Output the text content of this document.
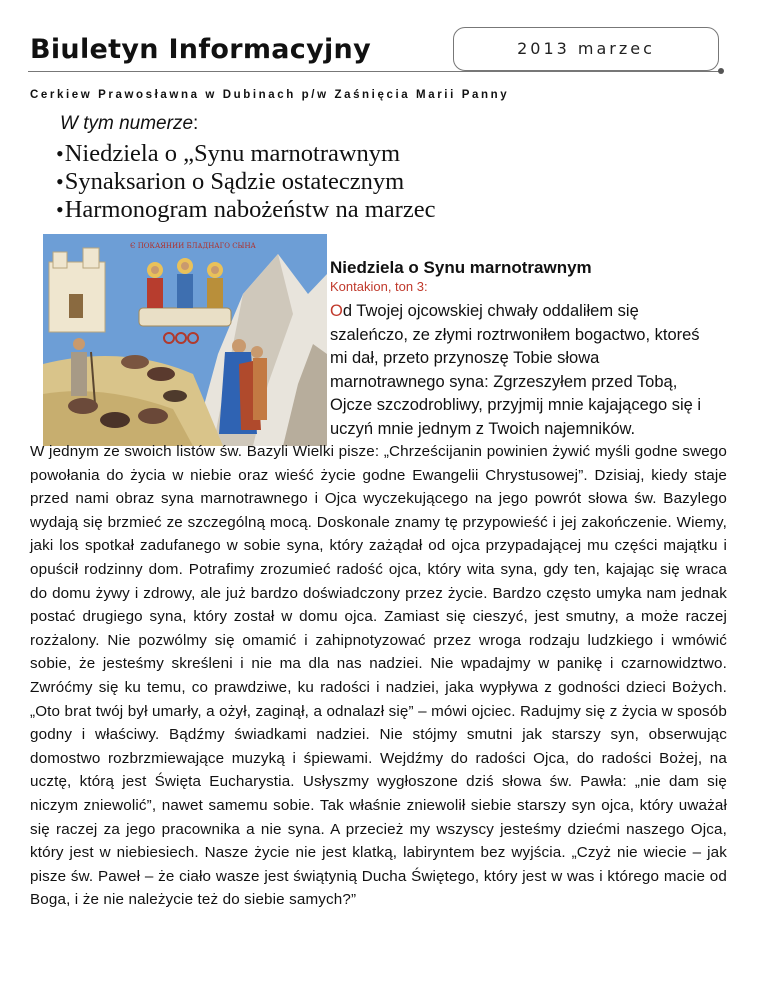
Biuletyn Informacyjny	2013 marzec
Cerkiew Prawosławna w Dubinach p/w Zaśnięcia Marii Panny
W tym numerze:
•Niedziela o „Synu marnotrawnym
•Synaksarion o Sądzie ostatecznym
•Harmonogram nabożeństw na marzec
Є ПОКАЯНИИ БЛѦДНАГО СЫНА
Niedziela o Synu marnotrawnym
Kontakion, ton 3:
Od Twojej ojcowskiej chwały oddaliłem się szaleńczo, ze złymi roztrwoniłem bogactwo, ktoreś mi dał, przeto przynoszę Tobie słowa marnotrawnego syna: Zgrzeszyłem przed Tobą, Ojcze szczodrobliwy, przyjmij mnie kajającego się i uczyń mnie jednym z Twoich najemników.
W jednym ze swoich listów św. Bazyli Wielki pisze: „Chrześcijanin powinien żywić myśli godne swego powołania do życia w niebie oraz wieść życie godne Ewangelii Chrystusowej”. Dzisiaj, kiedy staje przed nami obraz syna marnotrawnego i Ojca wyczekującego na jego powrót słowa św. Bazylego wydają się brzmieć ze szczególną mocą. Doskonale znamy tę przypowieść i jej zakończenie. Wiemy, jaki los spotkał zadufanego w sobie syna, który zażądał od ojca przypadającej mu części majątku i opuścił rodzinny dom. Potrafimy zrozumieć radość ojca, który wita syna, gdy ten, kajając się wraca do domu żywy i zdrowy, ale już bardzo doświadczony przez życie. Bardzo często umyka nam jednak postać drugiego syna, który został w domu ojca. Zamiast się cieszyć, jest smutny, a może raczej rozżalony. Nie pozwólmy się omamić i zahipnotyzować przez wroga rodzaju ludzkiego i wmówić sobie, że jesteśmy skreśleni i nie ma dla nas nadziei. Nie wpadajmy w panikę i czarnowidztwo. Zwróćmy się ku temu, co prawdziwe, ku radości i nadziei, jaka wypływa z godności dzieci Bożych. „Oto brat twój był umarły, a ożył, zaginął, a odnalazł się” – mówi ojciec. Radujmy się z życia w sposób godny i właściwy. Bądźmy świadkami nadziei. Nie stójmy smutni jak starszy syn, obserwując domostwo rozbrzmiewające muzyką i śpiewami. Wejdźmy do radości Ojca, do radości Bożej, na ucztę, którą jest Święta Eucharystia. Usłyszmy wygłoszone dziś słowa św. Pawła: „nie dam się niczym zniewolić”, nawet samemu sobie. Tak właśnie zniewolił siebie starszy syn ojca, który uważał się raczej za jego pracownika a nie syna. A przecież my wszyscy jesteśmy dziećmi naszego Ojca, który jest w niebiesiech. Nasze życie nie jest klatką, labiryntem bez wyjścia. „Czyż nie wiecie – jak pisze św. Paweł – że ciało wasze jest świątynią Ducha Świętego, który jest w was i którego macie od Boga, i że nie należycie też do siebie samych?”
